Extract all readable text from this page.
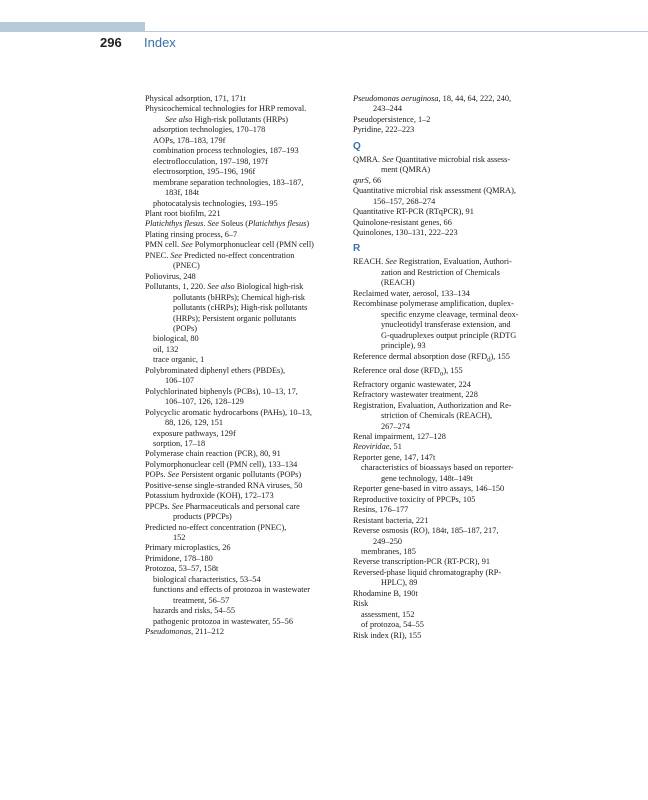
296 Index
Physical adsorption, 171, 171t
Physicochemical technologies for HRP removal.
See also High-risk pollutants (HRPs)
adsorption technologies, 170–178
AOPs, 178–183, 179f
combination process technologies, 187–193
electroflocculation, 197–198, 197f
electrosorption, 195–196, 196f
membrane separation technologies, 183–187,
183f, 184t
photocatalysis technologies, 193–195
Plant root biofilm, 221
Platichthys flesus. See Soleus (Platichthys flesus)
Plating rinsing process, 6–7
PMN cell. See Polymorphonuclear cell (PMN cell)
PNEC. See Predicted no-effect concentration
(PNEC)
Poliovirus, 248
Pollutants, 1, 220. See also Biological high-risk
pollutants (bHRPs); Chemical high-risk
pollutants (cHRPs); High-risk pollutants
(HRPs); Persistent organic pollutants
(POPs)
biological, 80
oil, 132
trace organic, 1
Polybrominated diphenyl ethers (PBDEs),
106–107
Polychlorinated biphenyls (PCBs), 10–13, 17,
106–107, 126, 128–129
Polycyclic aromatic hydrocarbons (PAHs), 10–13,
88, 126, 129, 151
exposure pathways, 129f
sorption, 17–18
Polymerase chain reaction (PCR), 80, 91
Polymorphonuclear cell (PMN cell), 133–134
POPs. See Persistent organic pollutants (POPs)
Positive-sense single-stranded RNA viruses, 50
Potassium hydroxide (KOH), 172–173
PPCPs. See Pharmaceuticals and personal care
products (PPCPs)
Predicted no-effect concentration (PNEC),
152
Primary microplastics, 26
Primidone, 178–180
Protozoa, 53–57, 158t
biological characteristics, 53–54
functions and effects of protozoa in wastewater
treatment, 56–57
hazards and risks, 54–55
pathogenic protozoa in wastewater, 55–56
Pseudomonas, 211–212
Pseudomonas aeruginosa, 18, 44, 64, 222, 240,
243–244
Pseudopersistence, 1–2
Pyridine, 222–223
Q
QMRA. See Quantitative microbial risk assess-
ment (QMRA)
qnrS, 66
Quantitative microbial risk assessment (QMRA),
156–157, 268–274
Quantitative RT-PCR (RTqPCR), 91
Quinolone-resistant genes, 66
Quinolones, 130–131, 222–223
R
REACH. See Registration, Evaluation, Authori-
zation and Restriction of Chemicals
(REACH)
Reclaimed water, aerosol, 133–134
Recombinase polymerase amplification, duplex-
specific enzyme cleavage, terminal deox-
ynucleotidyl transferase extension, and
G-quadruplexes output principle (RDTG
principle), 93
Reference dermal absorption dose $(RFD_d)$, 155
Reference oral dose $(RFD_o)$, 155
Refractory organic wastewater, 224
Refractory wastewater treatment, 228
Registration, Evaluation, Authorization and Re-
striction of Chemicals (REACH),
267–274
Renal impairment, 127–128
Reoviridae, 51
Reporter gene, 147, 147t
characteristics of bioassays based on reporter-
gene technology, 148t–149t
Reporter gene-based in vitro assays, 146–150
Reproductive toxicity of PPCPs, 105
Resins, 176–177
Resistant bacteria, 221
Reverse osmosis (RO), 184t, 185–187, 217,
249–250
membranes, 185
Reverse transcription-PCR (RT-PCR), 91
Reversed-phase liquid chromatography (RP-
HPLC), 89
Rhodamine B, 190t
Risk
assessment, 152
of protozoa, 54–55
Risk index (RI), 155
